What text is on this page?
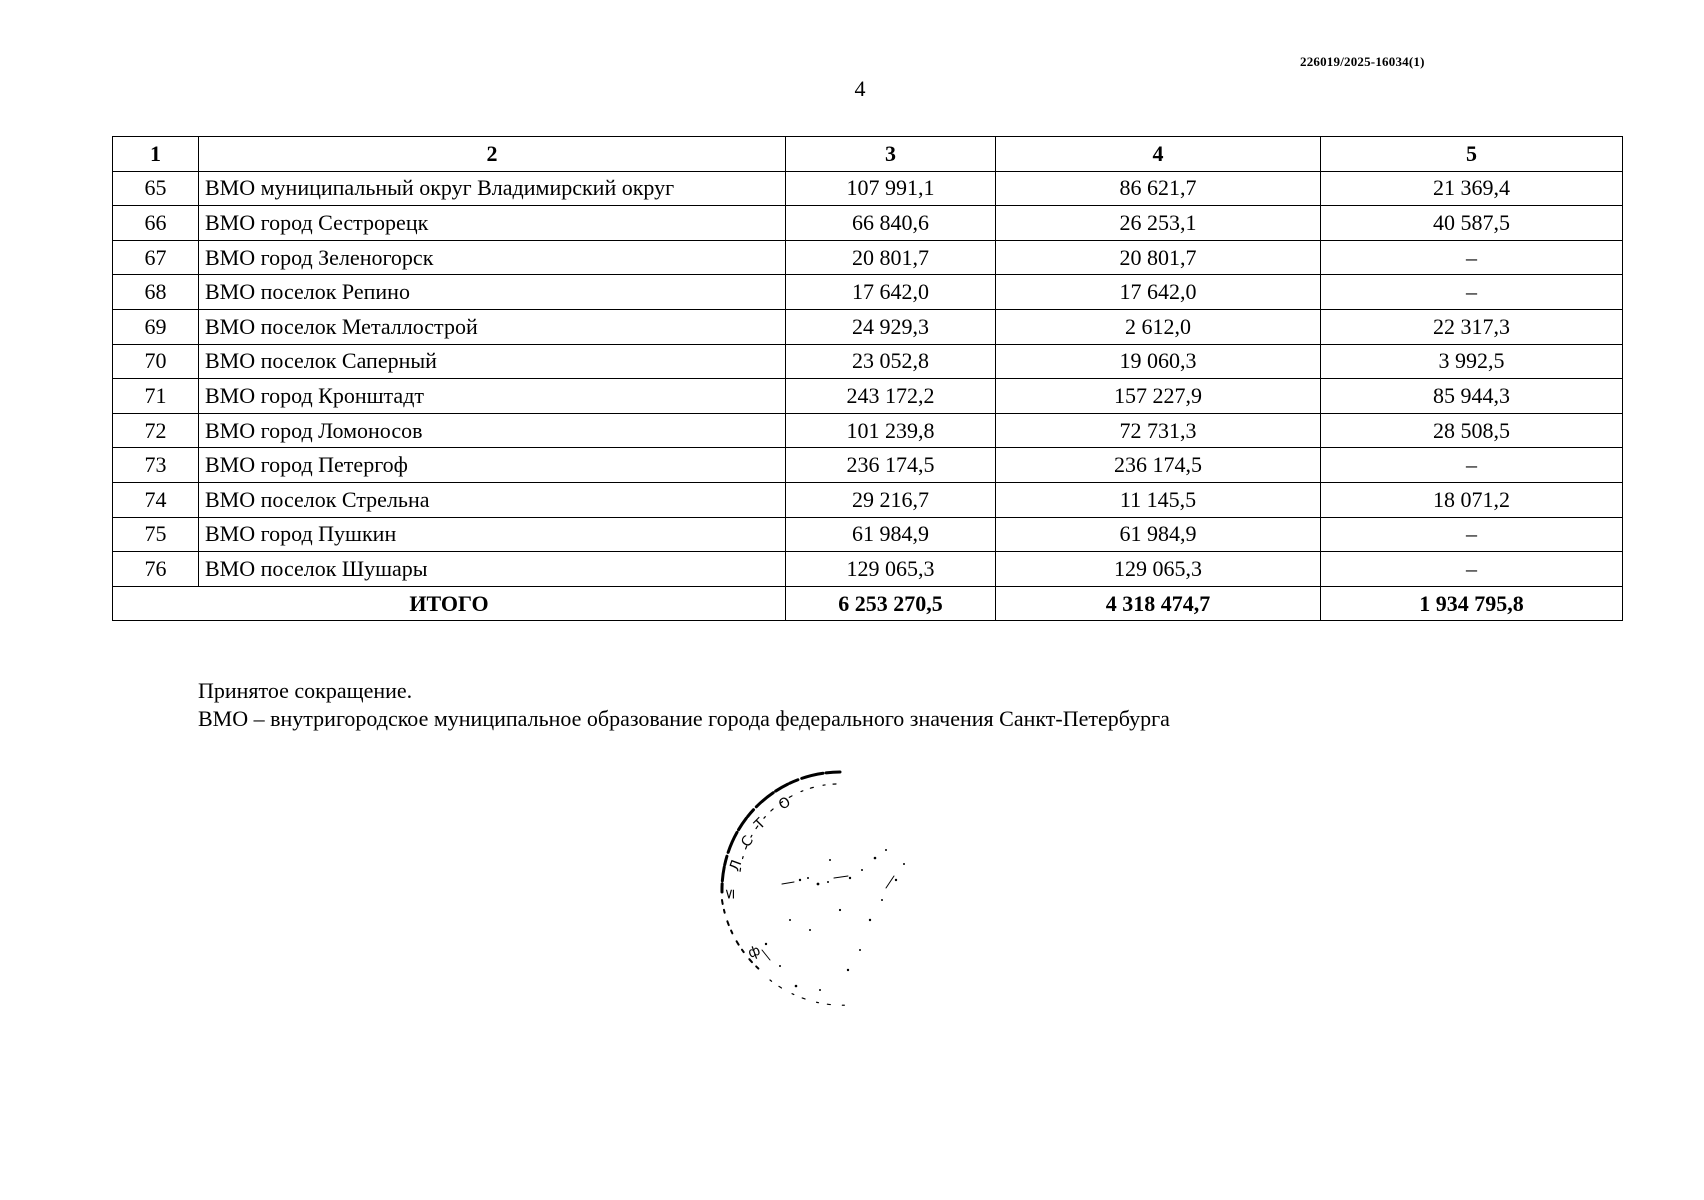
226019/2025-16034(1)
4
1	2	3	4	5
65	ВМО муниципальный округ Владимирский округ	107 991,1	86 621,7	21 369,4
66	ВМО город Сестрорецк	66 840,6	26 253,1	40 587,5
67	ВМО город Зеленогорск	20 801,7	20 801,7	–
68	ВМО поселок Репино	17 642,0	17 642,0	–
69	ВМО поселок Металлострой	24 929,3	2 612,0	22 317,3
70	ВМО поселок Саперный	23 052,8	19 060,3	3 992,5
71	ВМО город Кронштадт	243 172,2	157 227,9	85 944,3
72	ВМО город Ломоносов	101 239,8	72 731,3	28 508,5
73	ВМО город Петергоф	236 174,5	236 174,5	–
74	ВМО поселок Стрельна	29 216,7	11 145,5	18 071,2
75	ВМО город Пушкин	61 984,9	61 984,9	–
76	ВМО поселок Шушары	129 065,3	129 065,3	–
ИТОГО		6 253 270,5	4 318 474,7	1 934 795,8
Принятое сокращение.
ВМО – внутригородское муниципальное образование города федерального значения Санкт-Петербурга
Л
С
Т
О
≤
ф
